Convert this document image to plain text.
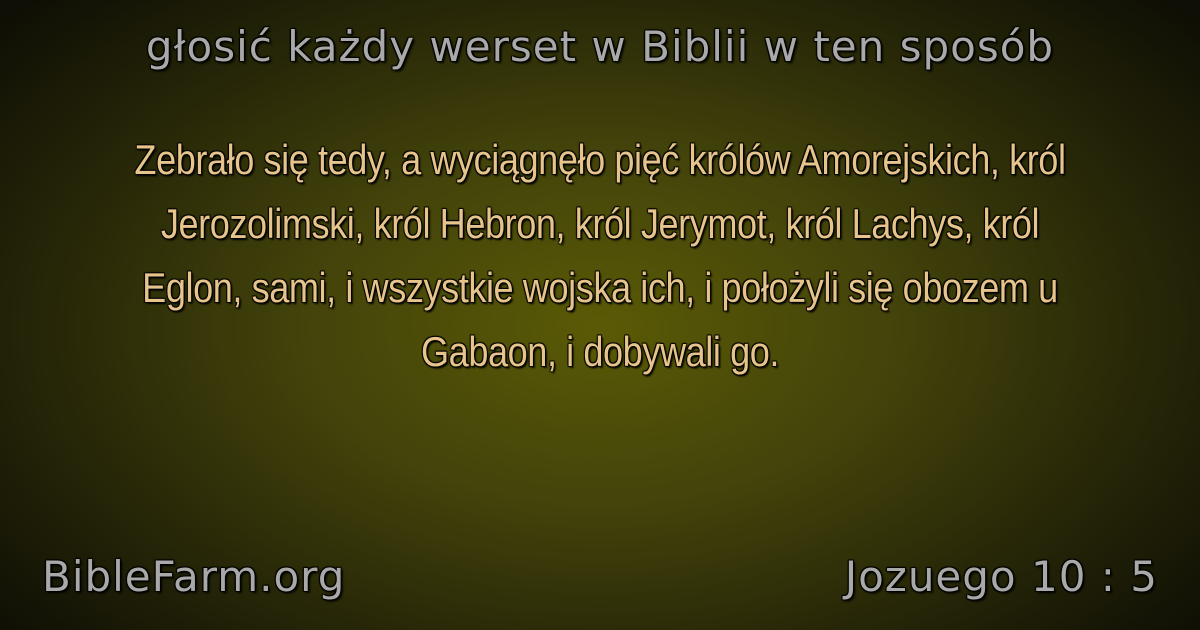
głosić każdy werset w Biblii w ten sposób
Zebrało się tedy, a wyciągnęło pięć królów Amorejskich, król Jerozolimski, król Hebron, król Jerymot, król Lachys, król Eglon, sami, i wszystkie wojska ich, i położyli się obozem u Gabaon, i dobywali go.
BibleFarm.org	Jozuego 10 : 5
